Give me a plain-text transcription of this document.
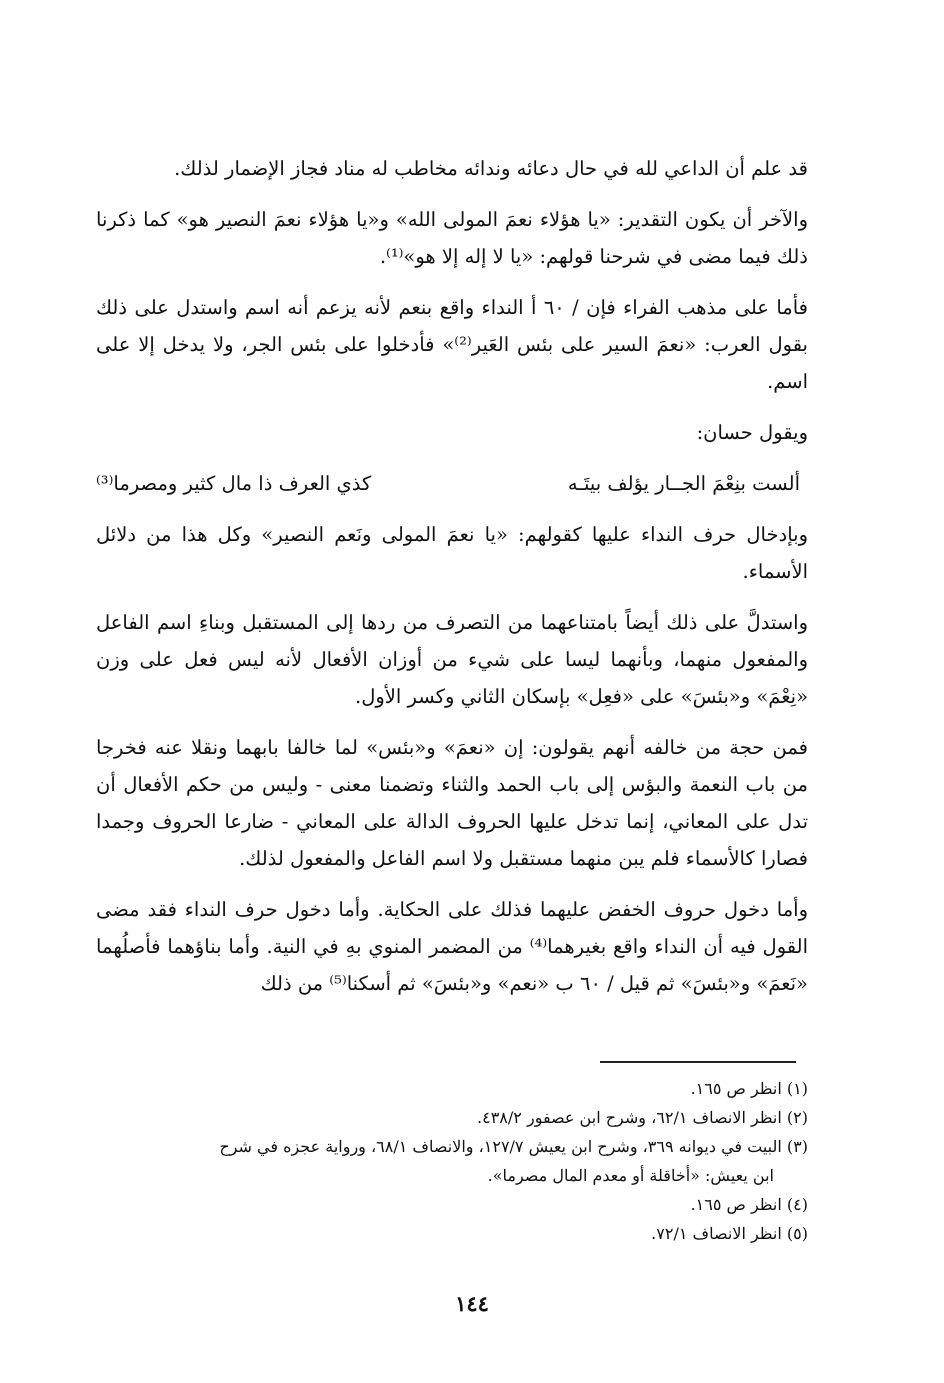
قد علم أن الداعي لله في حال دعائه وندائه مخاطب له مناد فجاز الإضمار لذلك.

والآخر أن يكون التقدير: «يا هؤلاء نعمَ المولى الله» و«يا هؤلاء نعمَ النصير هو» كما ذكرنا ذلك فيما مضى في شرحنا قولهم: «يا لا إله إلا هو»⁽¹⁾.

فأما على مذهب الفراء فإن / ٦٠ أ النداء واقع بنعم لأنه يزعم أنه اسم واستدل على ذلك بقول العرب: «نعمَ السير على بئس العَير⁽²⁾» فأدخلوا على بئس الجر، ولا يدخل إلا على اسم.

ويقول حسان:

ألست بنِعْمَ الجــار يؤلف بيتَـه
كذي العرف ذا مال كثير ومصرما⁽³⁾

وبإدخال حرف النداء عليها كقولهم: «يا نعمَ المولى ونَعم النصير» وكل هذا من دلائل الأسماء.

واستدلَّ على ذلك أيضاً بامتناعهما من التصرف من ردها إلى المستقبل وبناءِ اسم الفاعل والمفعول منهما، وبأنهما ليسا على شيء من أوزان الأفعال لأنه ليس فعل على وزن «نِعْمَ» و«بئسَ» على «فعِل» بإسكان الثاني وكسر الأول.

فمن حجة من خالفه أنهم يقولون: إن «نعمَ» و«بئس» لما خالفا بابهما ونقلا عنه فخرجا من باب النعمة والبؤس إلى باب الحمد والثناء وتضمنا معنى - وليس من حكم الأفعال أن تدل على المعاني، إنما تدخل عليها الحروف الدالة على المعاني - ضارعا الحروف وجمدا فصارا كالأسماء فلم يبن منهما مستقبل ولا اسم الفاعل والمفعول لذلك.

وأما دخول حروف الخفض عليهما فذلك على الحكاية. وأما دخول حرف النداء فقد مضى القول فيه أن النداء واقع بغيرهما⁽⁴⁾ من المضمر المنوي بهِ في النية. وأما بناؤهما فأصلُهما «نَعمَ» و«بئسَ» ثم قيل / ٦٠ ب «نعم» و«بئسَ» ثم أسكنا⁽⁵⁾ من ذلك

(١) انظر ص ١٦٥.

(٢) انظر الانصاف ٦٢/١، وشرح ابن عصفور ٤٣٨/٢.

(٣) البيت في ديوانه ٣٦٩، وشرح ابن يعيش ١٢٧/٧، والانصاف ٦٨/١، ورواية عجزه في شرح

ابن يعيش: «أخاقلة أو معدم المال مصرما».

(٤) انظر ص ١٦٥.

(٥) انظر الانصاف ٧٢/١.

١٤٤
